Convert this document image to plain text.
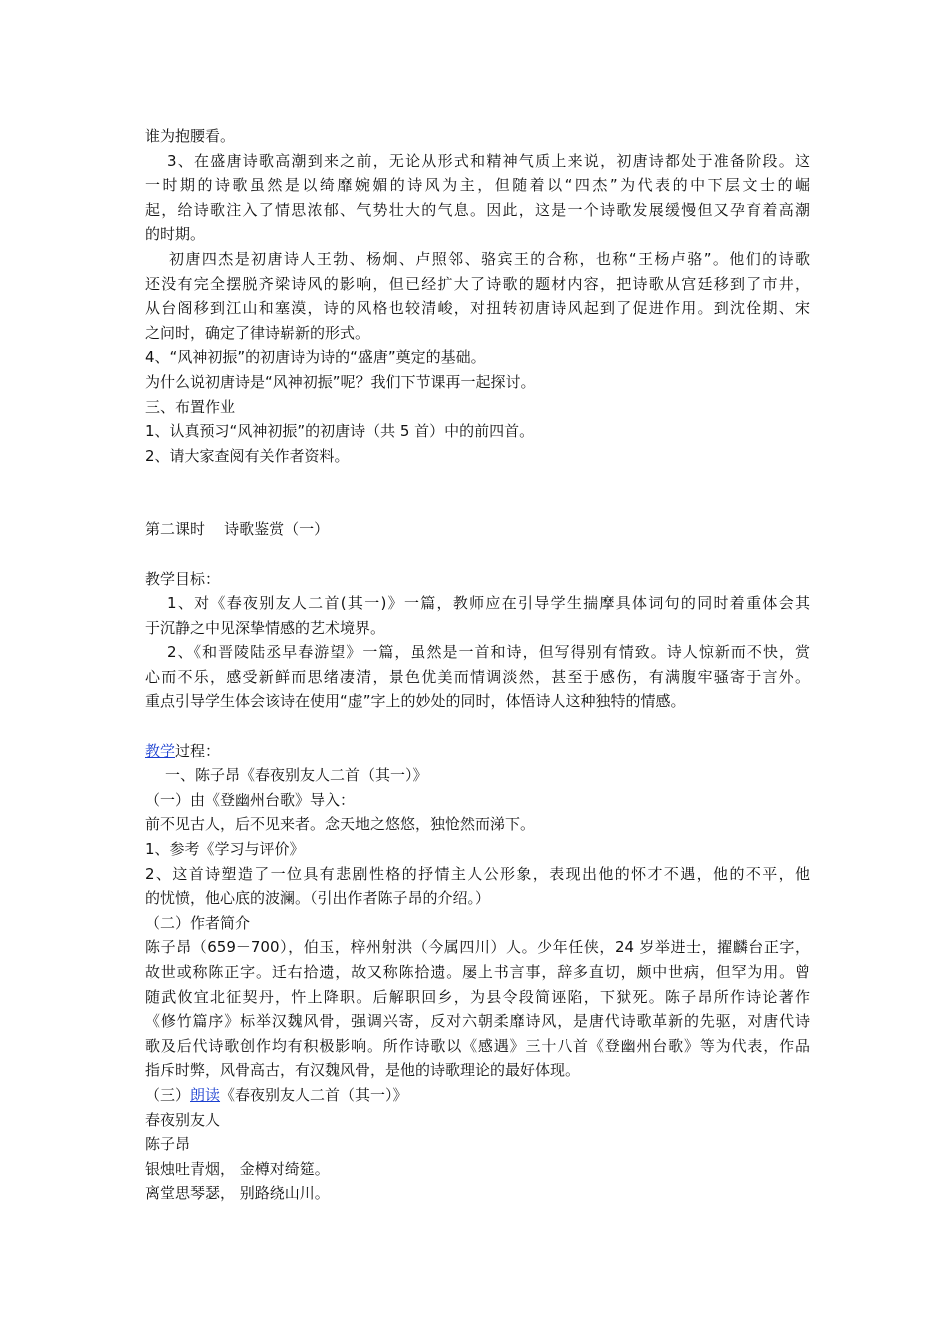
谁为抱腰看。
3、在盛唐诗歌高潮到来之前，无论从形式和精神气质上来说，初唐诗都处于准备阶段。这
一时期的诗歌虽然是以绮靡婉媚的诗风为主，但随着以“四杰”为代表的中下层文士的崛
起，给诗歌注入了情思浓郁、气势壮大的气息。因此，这是一个诗歌发展缓慢但又孕育着高潮
的时期。
初唐四杰是初唐诗人王勃、杨炯、卢照邻、骆宾王的合称，也称“王杨卢骆”。他们的诗歌
还没有完全摆脱齐梁诗风的影响，但已经扩大了诗歌的题材内容，把诗歌从宫廷移到了市井，
从台阁移到江山和塞漠，诗的风格也较清峻，对扭转初唐诗风起到了促进作用。到沈佺期、宋
之问时，确定了律诗崭新的形式。
4、“风神初振”的初唐诗为诗的“盛唐”奠定的基础。
为什么说初唐诗是“风神初振”呢？我们下节课再一起探讨。
三、布置作业
1、认真预习“风神初振”的初唐诗（共 5 首）中的前四首。
2、请大家查阅有关作者资料。
第二课时    诗歌鉴赏（一）
教学目标：
1、对《春夜别友人二首(其一)》一篇，教师应在引导学生揣摩具体词句的同时着重体会其
于沉静之中见深挚情感的艺术境界。
2、《和晋陵陆丞早春游望》一篇，虽然是一首和诗，但写得别有情致。诗人惊新而不快，赏
心而不乐，感受新鲜而思绪凄清，景色优美而情调淡然，甚至于感伤，有满腹牢骚寄于言外。
重点引导学生体会该诗在使用“虚”字上的妙处的同时，体悟诗人这种独特的情感。
教学过程：
一、陈子昂《春夜别友人二首（其一）》
（一）由《登幽州台歌》导入：
前不见古人，后不见来者。念天地之悠悠，独怆然而涕下。
1、参考《学习与评价》
2、这首诗塑造了一位具有悲剧性格的抒情主人公形象，表现出他的怀才不遇，他的不平，他
的忧愤，他心底的波澜。（引出作者陈子昂的介绍。）
（二）作者简介
陈子昂（659－700），伯玉，梓州射洪（今属四川）人。少年任侠，24 岁举进士，擢麟台正字，
故世或称陈正字。迁右拾遗，故又称陈拾遗。屡上书言事，辞多直切，颇中世病，但罕为用。曾
随武攸宜北征契丹，忤上降职。后解职回乡，为县令段简诬陷，下狱死。陈子昂所作诗论著作
《修竹篇序》标举汉魏风骨，强调兴寄，反对六朝柔靡诗风，是唐代诗歌革新的先驱，对唐代诗
歌及后代诗歌创作均有积极影响。所作诗歌以《感遇》三十八首《登幽州台歌》等为代表，作品
指斥时弊，风骨高古，有汉魏风骨，是他的诗歌理论的最好体现。
（三）朗读《春夜别友人二首（其一）》
春夜别友人
陈子昂
银烛吐青烟， 金樽对绮筵。
离堂思琴瑟， 别路绕山川。
